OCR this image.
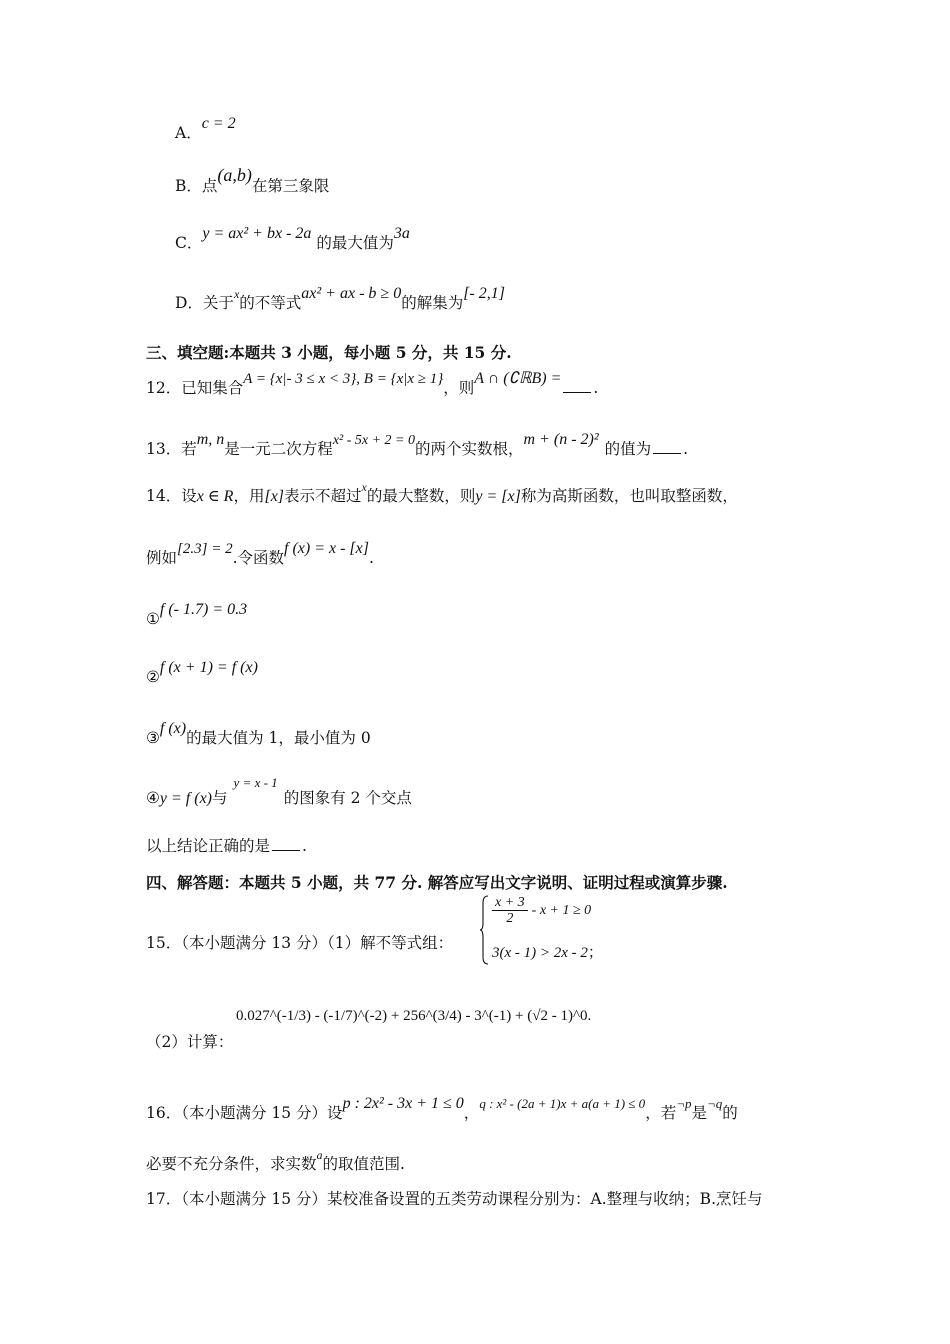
A．c = 2
B．点(a,b)在第三象限
C．y = ax² + bx - 2a 的最大值为3a
D．关于$^x$的不等式ax² + ax - b ≥ 0的解集为[- 2,1]
三、填空题:本题共 3 小题，每小题 5 分，共 15 分.
12．已知集合A = {x|- 3 ≤ x < 3}, B = {x|x ≥ 1}，则A ∩ (∁ℝB) =.
13．若m, n是一元二次方程x² - 5x + 2 = 0的两个实数根，m + (n - 2)²的值为 .
14．设x ∈ R，用[x]表示不超过$^x$的最大整数，则y = [x]称为高斯函数，也叫取整函数，
例如[2.3] = 2.令函数f (x) = x - [x].
①f (- 1.7) = 0.3
②f (x + 1) = f (x)
③f (x)的最大值为 1，最小值为 0
④y = f (x)与$^{y = x - 1}$的图象有 2 个交点
以上结论正确的是 .
四、解答题：本题共 5 小题，共 77 分. 解答应写出文字说明、证明过程或演算步骤.
15．（本小题满分 13 分）（1）解不等式组：
$\frac{x + 3}{2} - x + 1 \ge 0$
3(x - 1) > 2x - 2；
（2）计算：
0.027^(-1/3) - (-1/7)^(-2) + 256^(3/4) - 3^(-1) + (√2 - 1)^0.
16．（本小题满分 15 分）设p : 2x² - 3x + 1 ≤ 0，$^{q : x^2 - (2a + 1)x + a(a + 1) \le 0}$，若$^{\neg p}$是$^{\neg q}$的
必要不充分条件，求实数$^a$的取值范围.
17．（本小题满分 15 分）某校准备设置的五类劳动课程分别为：A.整理与收纳；B.烹饪与
